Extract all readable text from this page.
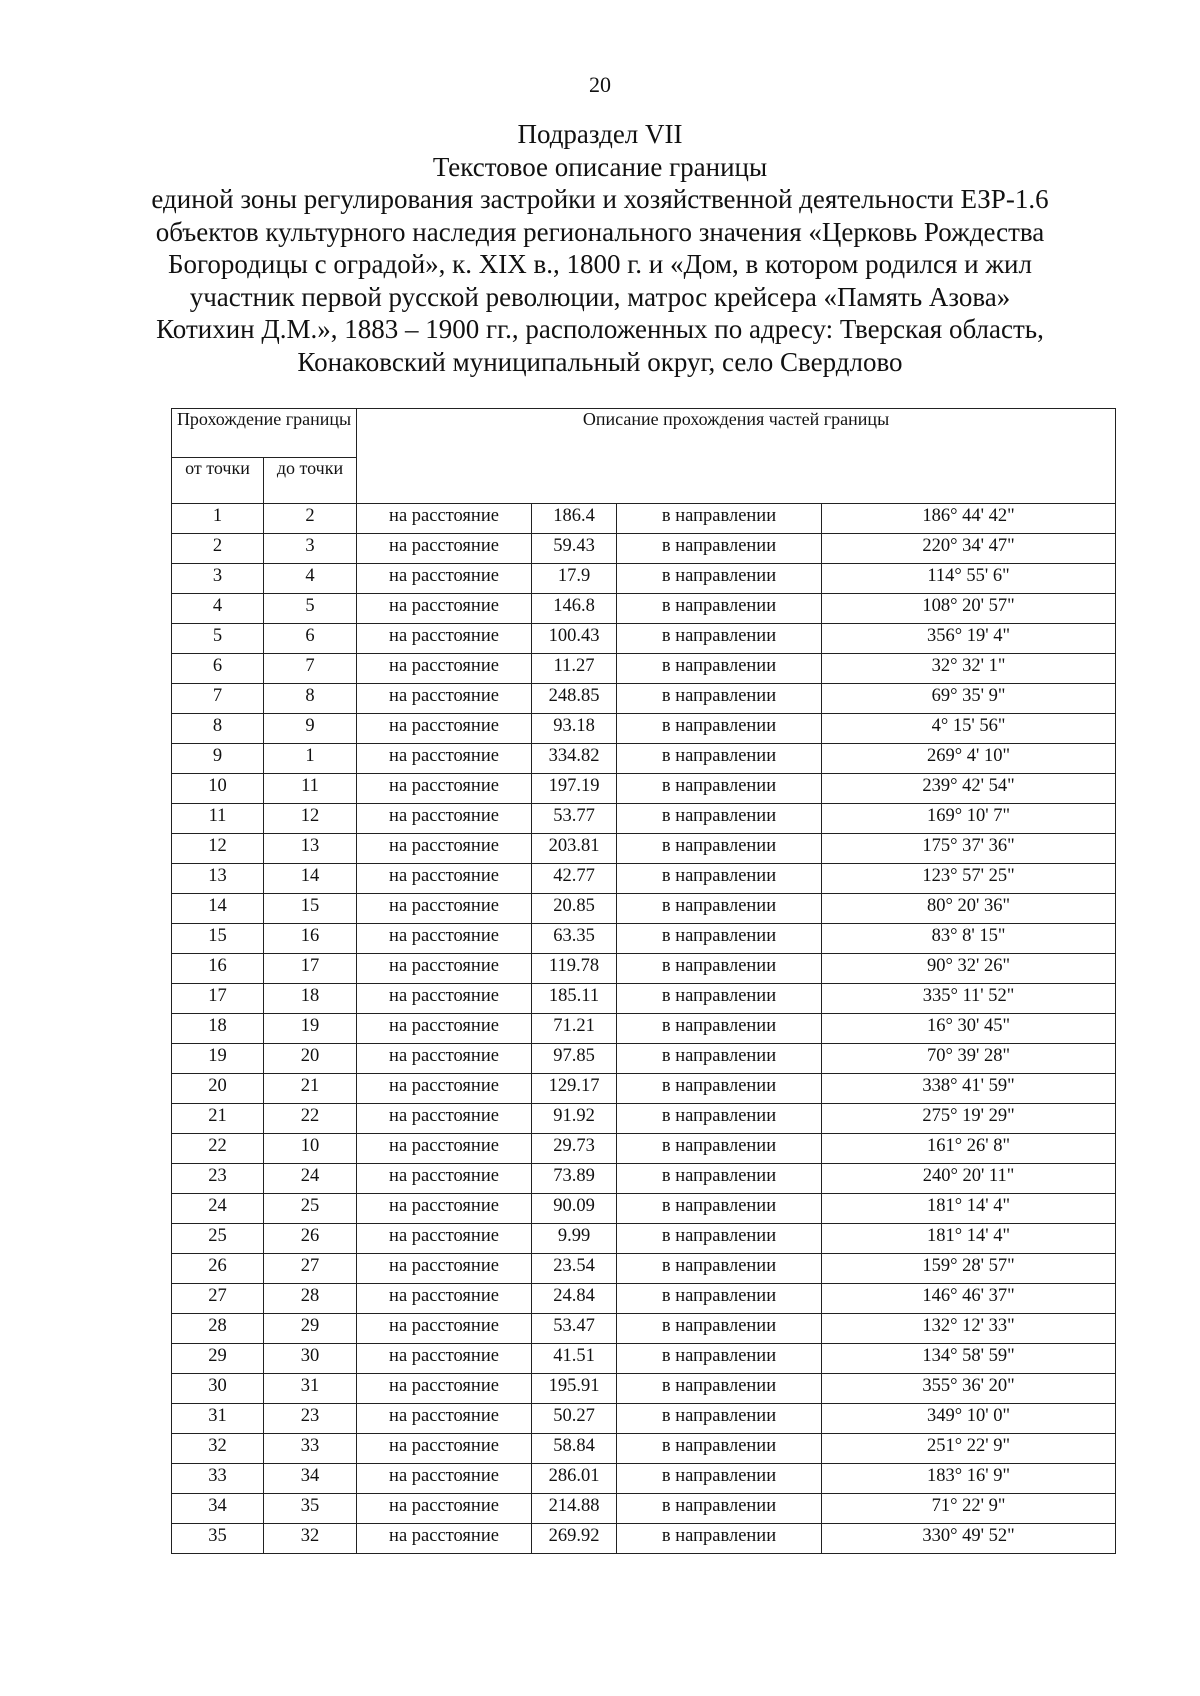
20
Подраздел VII
Текстовое описание границы
единой зоны регулирования застройки и хозяйственной деятельности ЕЗР-1.6
объектов культурного наследия регионального значения «Церковь Рождества
Богородицы с оградой», к. XIX в., 1800 г. и «Дом, в котором родился и жил
участник первой русской революции, матрос крейсера «Память Азова»
Котихин Д.М.», 1883 – 1900 гг., расположенных по адресу: Тверская область,
Конаковский муниципальный округ, село Свердлово
Прохождение границы		Описание прохождения частей границы			
от точки	до точки				
1	2	на расстояние	186.4	в направлении	186° 44' 42"
2	3	на расстояние	59.43	в направлении	220° 34' 47"
3	4	на расстояние	17.9	в направлении	114° 55' 6"
4	5	на расстояние	146.8	в направлении	108° 20' 57"
5	6	на расстояние	100.43	в направлении	356° 19' 4"
6	7	на расстояние	11.27	в направлении	32° 32' 1"
7	8	на расстояние	248.85	в направлении	69° 35' 9"
8	9	на расстояние	93.18	в направлении	4° 15' 56"
9	1	на расстояние	334.82	в направлении	269° 4' 10"
10	11	на расстояние	197.19	в направлении	239° 42' 54"
11	12	на расстояние	53.77	в направлении	169° 10' 7"
12	13	на расстояние	203.81	в направлении	175° 37' 36"
13	14	на расстояние	42.77	в направлении	123° 57' 25"
14	15	на расстояние	20.85	в направлении	80° 20' 36"
15	16	на расстояние	63.35	в направлении	83° 8' 15"
16	17	на расстояние	119.78	в направлении	90° 32' 26"
17	18	на расстояние	185.11	в направлении	335° 11' 52"
18	19	на расстояние	71.21	в направлении	16° 30' 45"
19	20	на расстояние	97.85	в направлении	70° 39' 28"
20	21	на расстояние	129.17	в направлении	338° 41' 59"
21	22	на расстояние	91.92	в направлении	275° 19' 29"
22	10	на расстояние	29.73	в направлении	161° 26' 8"
23	24	на расстояние	73.89	в направлении	240° 20' 11"
24	25	на расстояние	90.09	в направлении	181° 14' 4"
25	26	на расстояние	9.99	в направлении	181° 14' 4"
26	27	на расстояние	23.54	в направлении	159° 28' 57"
27	28	на расстояние	24.84	в направлении	146° 46' 37"
28	29	на расстояние	53.47	в направлении	132° 12' 33"
29	30	на расстояние	41.51	в направлении	134° 58' 59"
30	31	на расстояние	195.91	в направлении	355° 36' 20"
31	23	на расстояние	50.27	в направлении	349° 10' 0"
32	33	на расстояние	58.84	в направлении	251° 22' 9"
33	34	на расстояние	286.01	в направлении	183° 16' 9"
34	35	на расстояние	214.88	в направлении	71° 22' 9"
35	32	на расстояние	269.92	в направлении	330° 49' 52"
